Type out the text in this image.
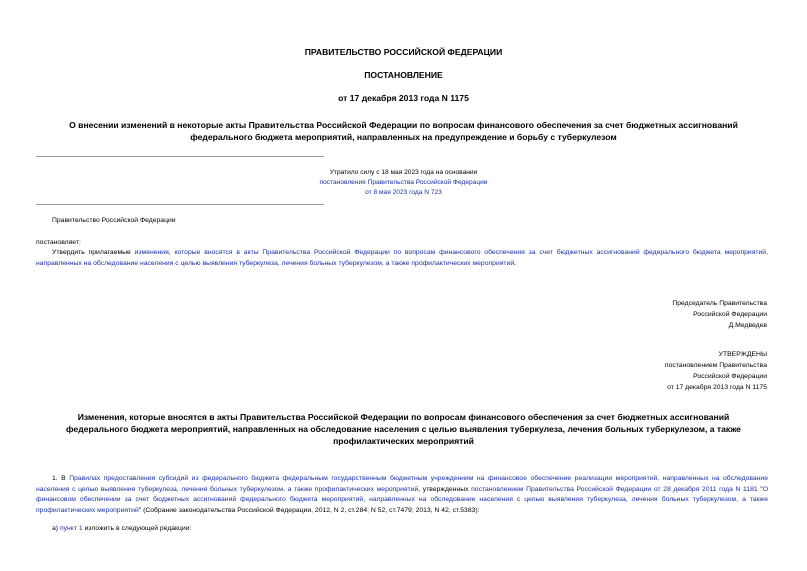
ПРАВИТЕЛЬСТВО РОССИЙСКОЙ ФЕДЕРАЦИИ
ПОСТАНОВЛЕНИЕ
от 17 декабря 2013 года N 1175
О внесении изменений в некоторые акты Правительства Российской Федерации по вопросам финансового обеспечения за счет бюджетных ассигнований
федерального бюджета мероприятий, направленных на предупреждение и борьбу с туберкулезом
Утратило силу с 18 мая 2023 года на основании
постановления Правительства Российской Федерации
от 8 мая 2023 года N 723
Правительство Российской Федерации
постановляет:
Утвердить прилагаемые изменения, которые вносятся в акты Правительства Российской Федерации по вопросам финансового обеспечения за счет бюджетных ассигнований федерального бюджета мероприятий, направленных на обследование населения с целью выявления туберкулеза, лечения больных туберкулезом, а также профилактических мероприятий.
Председатель Правительства
Российской Федерации
Д.Медведев
УТВЕРЖДЕНЫ
постановлением Правительства
Российской Федерации
от 17 декабря 2013 года N 1175
Изменения, которые вносятся в акты Правительства Российской Федерации по вопросам финансового обеспечения за счет бюджетных ассигнований
федерального бюджета мероприятий, направленных на обследование населения с целью выявления туберкулеза, лечения больных туберкулезом, а также
профилактических мероприятий
1. В Правилах предоставления субсидий из федерального бюджета федеральным государственным бюджетным учреждениям на финансовое обеспечение реализации мероприятий, направленных на обследование населения с целью выявления туберкулеза, лечения больных туберкулезом, а также профилактических мероприятий, утвержденных постановлением Правительства Российской Федерации от 28 декабря 2011 года N 1181 "О финансовом обеспечении за счет бюджетных ассигнований федерального бюджета мероприятий, направленных на обследование населения с целью выявления туберкулеза, лечения больных туберкулезом, а также профилактических мероприятий" (Собрание законодательства Российской Федерации, 2012, N 2, ст.284; N 52, ст.7479; 2013, N 42, ст.5383):
а) пункт 1 изложить в следующей редакции:
